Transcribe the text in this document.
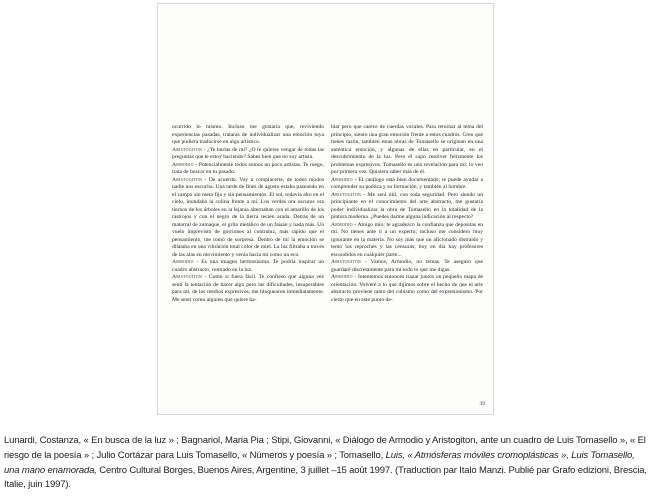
ocurrido lo mismo. Incluso me gustaría que, reviviendo experiencias pasadas, trataras de individualizar una emoción tuya que pudiera traducirse en algo artístico.

Aristogiton - ¿Te burlas de mí? ¿O te quieres vengar de todas las preguntas que te estoy haciendo? Sabes bien que no soy artista.

Armodio - Potencialmente todos somos un poco artistas. Te ruego, trata de buscar en tu pasado.

Aristogiton - De acuerdo. Voy a complacerte, de todos modos nadie nos escucha. Una tarde de fines de agosto estaba paseando en el campo sin meta fija y sin pensamientos. El sol, todavía alto en el cielo, inundaba la colina frente a mí. Los verdes ora oscuros ora tiernos de los árboles en la lejanía alternaban con el amarillo de los rastrojos y con el negro de la tierra recién arada. Detrás de un matorral de zumaque, el grito metálico de un faisán y nada más. Un vuelo imprevisto de gorriones al contraluz, más rápido que el pensamiento, me tomó de sorpresa. Dentro de mí la emoción se dilataba en una vibración total color de miel. La luz filtraba a través de las alas en movimiento y venía hacia mí como un eco.

Armodio - Es una imagen hermosísima. Te podría inspirar un cuadro abstracto, centrado en la luz.

Aristogiton - Como si fuera fácil. Te confieso que alguna vez sentí la tentación de hacer algo pero las dificultades, insuperables para mí, de los medios expresivos, me bloquearon inmediatamente. Me sentí como alguien que quiere ha-

blar pero que carece de cuerdas vocales. Para retornar al tema del principio, siento una gran emoción frente a estos cuadros. Creo que tienes razón, también estas obras de Tomasello se originan en una auténtica emoción, y algunas de ellas en particular, en el descubrimiento de la luz. Pero él supo resolver felizmente los problemas expresivos. Tomasello es una revelación para mí; lo veo por primera vez. Quisiera saber más de él.

Armodio - El catálogo está bien documentado; te puede ayudar a comprender su poética y su formación, y también al hombre.

Aristogiton - Me será útil, con toda seguridad. Pero siendo un principiante en el conocimiento del arte abstracto, me gustaría poder individualizar la obra de Tomasello en la totalidad de la pintura moderna. ¿Puedes darme alguna indicación al respecto?

Armodio - Amigo mío, te agradezco la confianza que depositas en mí. No tienes ante ti a un experto; incluso me considero muy ignorante en la materia. No soy más que un aficionado distraído y temo los reproches y las censuras; hoy en día hay profesores escondidos en cualquier parte...

Aristogiton - Vamos, Armodio, no temas. Te aseguro que guardaré discretamente para mí todo lo que me digas.

Armodio - Intentemos entonces trazar juntos un pequeño mapa de orientación. Volveré a lo que dijimos sobre el hecho de que el arte abstracto proviene tanto del cubismo como del expresionismo. Por cierto que en este punto de-

39
Lunardi, Costanza, « En busca de la luz » ; Bagnariol, Maria Pia ; Stipi, Giovanni, « Diálogo de Armodio y Aristogiton, ante un cuadro de Luis Tomasello », « El riesgo de la poesía » ; Julio Cortázar para Luis Tomasello, « Números y poesía » ; Tomasello, Luis, « Atmósferas móviles cromoplásticas », Luis Tomasello, una mano enamorada, Centro Cultural Borges, Buenos Aires, Argentine, 3 juillet –15 août 1997. (Traduction par Italo Manzi. Publié par Grafo edizioni, Brescia, Italie, juin 1997).
